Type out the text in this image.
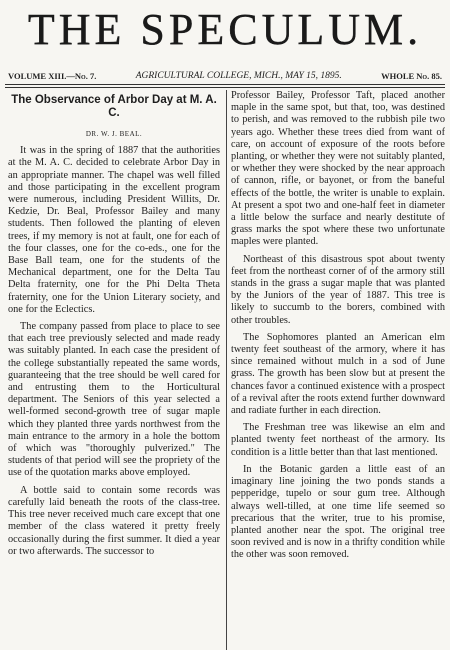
THE SPECULUM.
VOLUME XIII.—No. 7.	AGRICULTURAL COLLEGE, MICH., MAY 15, 1895.	WHOLE No. 85.
The Observance of Arbor Day at M. A. C.
DR. W. J. BEAL.

It was in the spring of 1887 that the authorities at the M. A. C. decided to celebrate Arbor Day in an appropriate manner. The chapel was well filled and those participating in the excellent program were numerous, including President Willits, Dr. Kedzie, Dr. Beal, Professor Bailey and many students. Then followed the planting of eleven trees, if my memory is not at fault, one for each of the four classes, one for the co-eds., one for the Base Ball team, one for the students of the Mechanical department, one for the Delta Tau Delta fraternity, one for the Phi Delta Theta fraternity, one for the Union Literary society, and one for the Eclectics.

The company passed from place to place to see that each tree previously selected and made ready was suitably planted. In each case the president of the college substantially repeated the same words, guaranteeing that the tree should be well cared for and entrusting them to the Horticultural department. The Seniors of this year selected a well-formed second-growth tree of sugar maple which they planted three yards northwest from the main entrance to the armory in a hole the bottom of which was "thoroughly pulverized." The students of that period will see the propriety of the use of the quotation marks above employed.

A bottle said to contain some records was carefully laid beneath the roots of the class-tree. This tree never received much care except that one member of the class watered it pretty freely occasionally during the first summer. It died a year or two afterwards. The successor to

Professor Bailey, Professor Taft, placed another maple in the same spot, but that, too, was destined to perish, and was removed to the rubbish pile two years ago. Whether these trees died from want of care, on account of exposure of the roots before planting, or whether they were not suitably planted, or whether they were shocked by the near approach of cannon, rifle, or bayonet, or from the baneful effects of the bottle, the writer is unable to explain. At present a spot two and one-half feet in diameter a little below the surface and nearly destitute of grass marks the spot where these two unfortunate maples were planted.

Northeast of this disastrous spot about twenty feet from the northeast corner of of the armory still stands in the grass a sugar maple that was planted by the Juniors of the year of 1887. This tree is likely to succumb to the borers, combined with other troubles.

The Sophomores planted an American elm twenty feet southeast of the armory, where it has since remained without mulch in a sod of June grass. The growth has been slow but at present the chances favor a continued existence with a prospect of a revival after the roots extend further downward and radiate further in each direction.

The Freshman tree was likewise an elm and planted twenty feet northeast of the armory. Its condition is a little better than that last mentioned.

In the Botanic garden a little east of an imaginary line joining the two ponds stands a pepperidge, tupelo or sour gum tree. Although always well-tilled, at one time life seemed so precarious that the writer, true to his promise, planted another near the spot. The original tree soon revived and is now in a thrifty condition while the other was soon removed.
